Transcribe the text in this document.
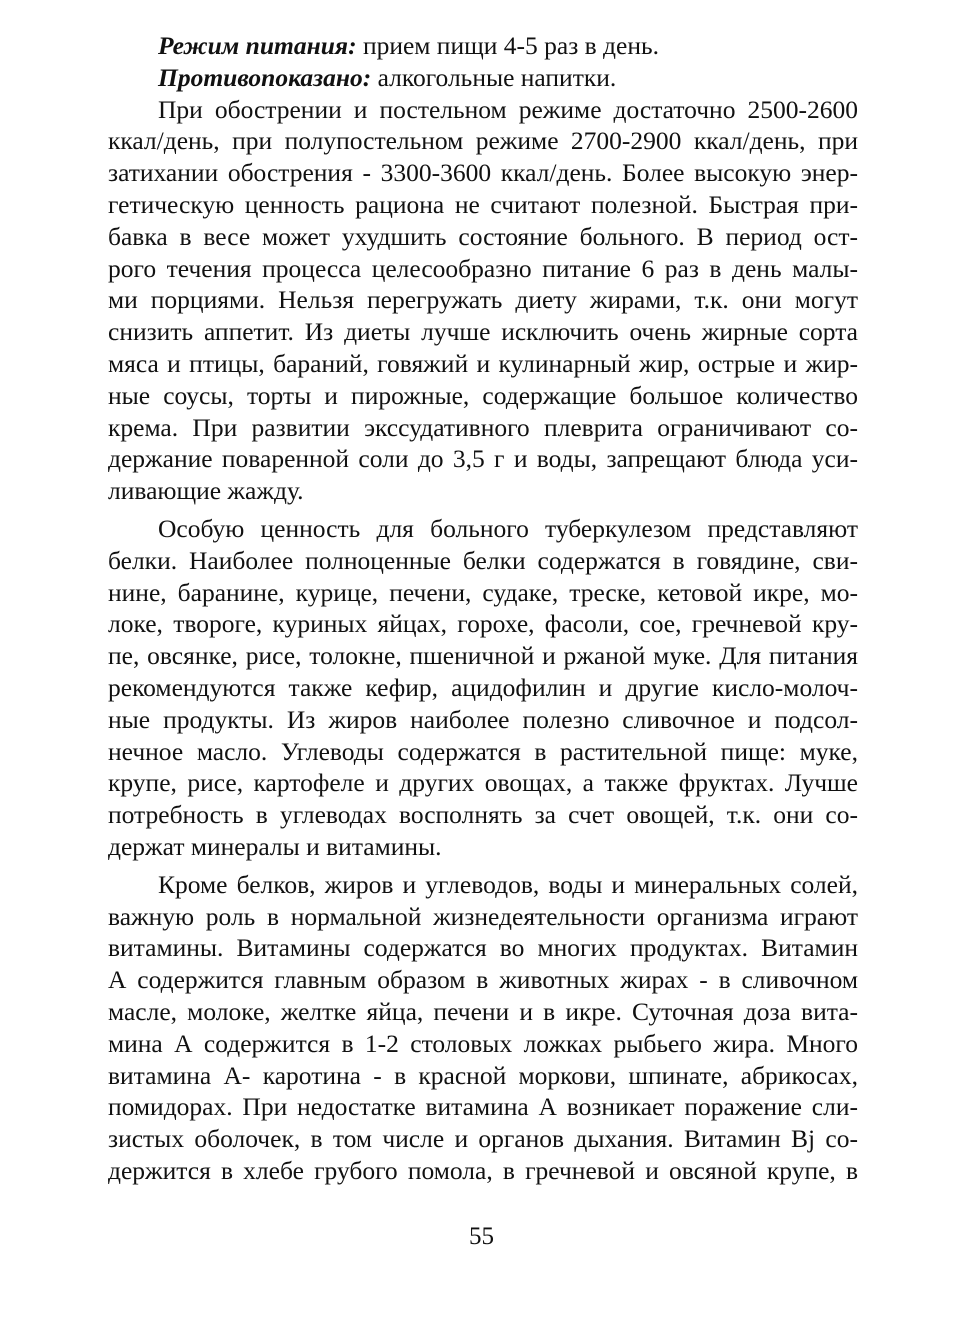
Режим питания: прием пищи 4-5 раз в день.
Противопоказано: алкогольные напитки.
При обострении и постельном режиме достаточно 2500-2600
ккал/день, при полупостельном режиме 2700-2900 ккал/день, при
затихании обострения - 3300-3600 ккал/день. Более высокую энер-
гетическую ценность рациона не считают полезной. Быстрая при-
бавка в весе может ухудшить состояние больного. В период ост-
рого течения процесса целесообразно питание 6 раз в день малы-
ми порциями. Нельзя перегружать диету жирами, т.к. они могут
снизить аппетит. Из диеты лучше исключить очень жирные сорта
мяса и птицы, бараний, говяжий и кулинарный жир, острые и жир-
ные соусы, торты и пирожные, содержащие большое количество
крема. При развитии экссудативного плеврита ограничивают со-
держание поваренной соли до 3,5 г и воды, запрещают блюда уси-
ливающие жажду.
Особую ценность для больного туберкулезом представляют
белки. Наиболее полноценные белки содержатся в говядине, сви-
нине, баранине, курице, печени, судаке, треске, кетовой икре, мо-
локе, твороге, куриных яйцах, горохе, фасоли, сое, гречневой кру-
пе, овсянке, рисе, толокне, пшеничной и ржаной муке. Для питания
рекомендуются также кефир, ацидофилин и другие кисло-молоч-
ные продукты. Из жиров наиболее полезно сливочное и подсол-
нечное масло. Углеводы содержатся в растительной пище: муке,
крупе, рисе, картофеле и других овощах, а также фруктах. Лучше
потребность в углеводах восполнять за счет овощей, т.к. они со-
держат минералы и витамины.
Кроме белков, жиров и углеводов, воды и минеральных солей,
важную роль в нормальной жизнедеятельности организма играют
витамины. Витамины содержатся во многих продуктах. Витамин
А содержится главным образом в животных жирах - в сливочном
масле, молоке, желтке яйца, печени и в икре. Суточная доза вита-
мина А содержится в 1-2 столовых ложках рыбьего жира. Много
витамина А- каротина - в красной моркови, шпинате, абрикосах,
помидорах. При недостатке витамина А возникает поражение сли-
зистых оболочек, в том числе и органов дыхания. Витамин Вj со-
держится в хлебе грубого помола, в гречневой и овсяной крупе, в
55
